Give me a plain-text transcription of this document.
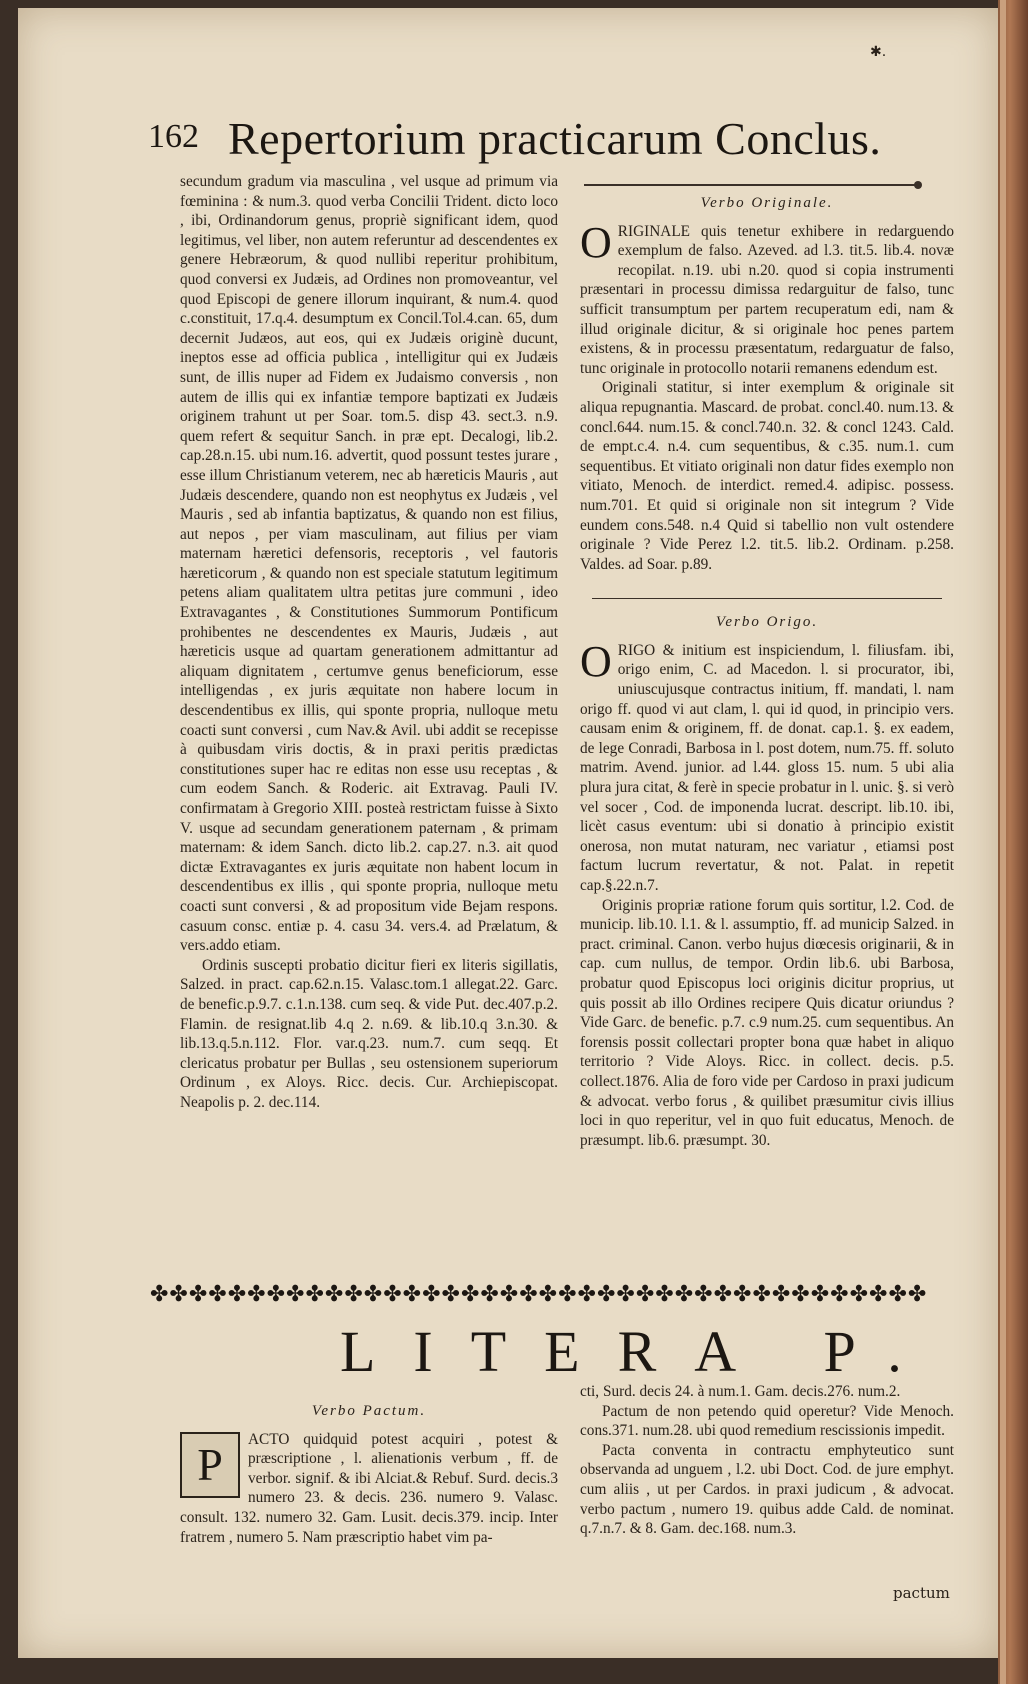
✱.
162 Repertorium practicarum Conclus.

secundum gradum via masculina , vel usque ad primum via fœminina : & num.3. quod verba Concilii Trident. dicto loco , ibi, Ordinandorum genus, propriè significant idem, quod legitimus, vel liber, non autem referuntur ad descendentes ex genere Hebræorum, & quod nullibi reperitur prohibitum, quod conversi ex Judæis, ad Ordines non promoveantur, vel quod Episcopi de genere illorum inquirant, & num.4. quod c.constituit, 17.q.4. desumptum ex Concil.Tol.4.can. 65, dum decernit Judæos, aut eos, qui ex Judæis originè ducunt, ineptos esse ad officia publica , intelligitur qui ex Judæis sunt, de illis nuper ad Fidem ex Judaismo conversis , non autem de illis qui ex infantiæ tempore baptizati ex Judæis originem trahunt ut per Soar. tom.5. disp 43. sect.3. n.9. quem refert & sequitur Sanch. in præ ept. Decalogi, lib.2. cap.28.n.15. ubi num.16. advertit, quod possunt testes jurare , esse illum Christianum veterem, nec ab hæreticis Mauris , aut Judæis descendere, quando non est neophytus ex Judæis , vel Mauris , sed ab infantia baptizatus, & quando non est filius, aut nepos , per viam masculinam, aut filius per viam maternam hæretici defensoris, receptoris , vel fautoris hæreticorum , & quando non est speciale statutum legitimum petens aliam qualitatem ultra petitas jure communi , ideo Extravagantes , & Constitutiones Summorum Pontificum prohibentes ne descendentes ex Mauris, Judæis , aut hæreticis usque ad quartam generationem admittantur ad aliquam dignitatem , certumve genus beneficiorum, esse intelligendas , ex juris æquitate non habere locum in descendentibus ex illis, qui sponte propria, nulloque metu coacti sunt conversi , cum Nav.& Avil. ubi addit se recepisse à quibusdam viris doctis, & in praxi peritis prædictas constitutiones super hac re editas non esse usu receptas , & cum eodem Sanch. & Roderic. ait Extravag. Pauli IV. confirmatam à Gregorio XIII. posteà restrictam fuisse à Sixto V. usque ad secundam generationem paternam , & primam maternam: & idem Sanch. dicto lib.2. cap.27. n.3. ait quod dictæ Extravagantes ex juris æquitate non habent locum in descendentibus ex illis , qui sponte propria, nulloque metu coacti sunt conversi , & ad propositum vide Bejam respons. casuum consc. entiæ p. 4. casu 34. vers.4. ad Prælatum, & vers.addo etiam.

Ordinis suscepti probatio dicitur fieri ex literis sigillatis, Salzed. in pract. cap.62.n.15. Valasc.tom.1 allegat.22. Garc. de benefic.p.9.7. c.1.n.138. cum seq. & vide Put. dec.407.p.2. Flamin. de resignat.lib 4.q 2. n.69. & lib.10.q 3.n.30. & lib.13.q.5.n.112. Flor. var.q.23. num.7. cum seqq. Et clericatus probatur per Bullas , seu ostensionem superiorum Ordinum , ex Aloys. Ricc. decis. Cur. Archiepiscopat. Neapolis p. 2. dec.114.

Verbo Originale.

ORIGINALE quis tenetur exhibere in redarguendo exemplum de falso. Azeved. ad l.3. tit.5. lib.4. novæ recopilat. n.19. ubi n.20. quod si copia instrumenti præsentari in processu dimissa redarguitur de falso, tunc sufficit transumptum per partem recuperatum edi, nam & illud originale dicitur, & si originale hoc penes partem existens, & in processu præsentatum, redarguatur de falso, tunc originale in protocollo notarii remanens edendum est.

Originali statitur, si inter exemplum & originale sit aliqua repugnantia. Mascard. de probat. concl.40. num.13. & concl.644. num.15. & concl.740.n. 32. & concl 1243. Cald. de empt.c.4. n.4. cum sequentibus, & c.35. num.1. cum sequentibus. Et vitiato originali non datur fides exemplo non vitiato, Menoch. de interdict. remed.4. adipisc. possess. num.701. Et quid si originale non sit integrum ? Vide eundem cons.548. n.4 Quid si tabellio non vult ostendere originale ? Vide Perez l.2. tit.5. lib.2. Ordinam. p.258. Valdes. ad Soar. p.89.

Verbo Origo.

ORIGO & initium est inspiciendum, l. filiusfam. ibi, origo enim, C. ad Macedon. l. si procurator, ibi, uniuscujusque contractus initium, ff. mandati, l. nam origo ff. quod vi aut clam, l. qui id quod, in principio vers. causam enim & originem, ff. de donat. cap.1. §. ex eadem, de lege Conradi, Barbosa in l. post dotem, num.75. ff. soluto matrim. Avend. junior. ad l.44. gloss 15. num. 5 ubi alia plura jura citat, & ferè in specie probatur in l. unic. §. si verò vel socer , Cod. de imponenda lucrat. descript. lib.10. ibi, licèt casus eventum: ubi si donatio à principio existit onerosa, non mutat naturam, nec variatur , etiamsi post factum lucrum revertatur, & not. Palat. in repetit cap.§.22.n.7.

Originis propriæ ratione forum quis sortitur, l.2. Cod. de municip. lib.10. l.1. & l. assumptio, ff. ad municip Salzed. in pract. criminal. Canon. verbo hujus diœcesis originarii, & in cap. cum nullus, de tempor. Ordin lib.6. ubi Barbosa, probatur quod Episcopus loci originis dicitur proprius, ut quis possit ab illo Ordines recipere Quis dicatur oriundus ? Vide Garc. de benefic. p.7. c.9 num.25. cum sequentibus. An forensis possit collectari propter bona quæ habet in aliquo territorio ? Vide Aloys. Ricc. in collect. decis. p.5. collect.1876. Alia de foro vide per Cardoso in praxi judicum & advocat. verbo forus , & quilibet præsumitur civis illius loci in quo reperitur, vel in quo fuit educatus, Menoch. de præsumpt. lib.6. præsumpt. 30.

✤✤✤✤✤✤✤✤✤✤✤✤✤✤✤✤✤✤✤✤✤✤✤✤✤✤✤✤✤✤✤✤✤✤✤✤✤✤✤✤
LITERA P.
Verbo Pactum.

P	ACTO quidquid potest acquiri , potest & præscriptione , l. alienationis verbum , ff. de verbor. signif. & ibi Alciat.& Rebuf. Surd. decis.3 numero 23. & decis. 236. numero 9. Valasc. consult. 132. numero 32. Gam. Lusit. decis.379. incip. Inter fratrem , numero 5. Nam præscriptio habet vim pa-

cti, Surd. decis 24. à num.1. Gam. decis.276. num.2.

Pactum de non petendo quid operetur? Vide Menoch. cons.371. num.28. ubi quod remedium rescissionis impedit.

Pacta conventa in contractu emphyteutico sunt observanda ad unguem , l.2. ubi Doct. Cod. de jure emphyt. cum aliis , ut per Cardos. in praxi judicum , & advocat. verbo pactum , numero 19. quibus adde Cald. de nominat. q.7.n.7. & 8. Gam. dec.168. num.3.

pactum
